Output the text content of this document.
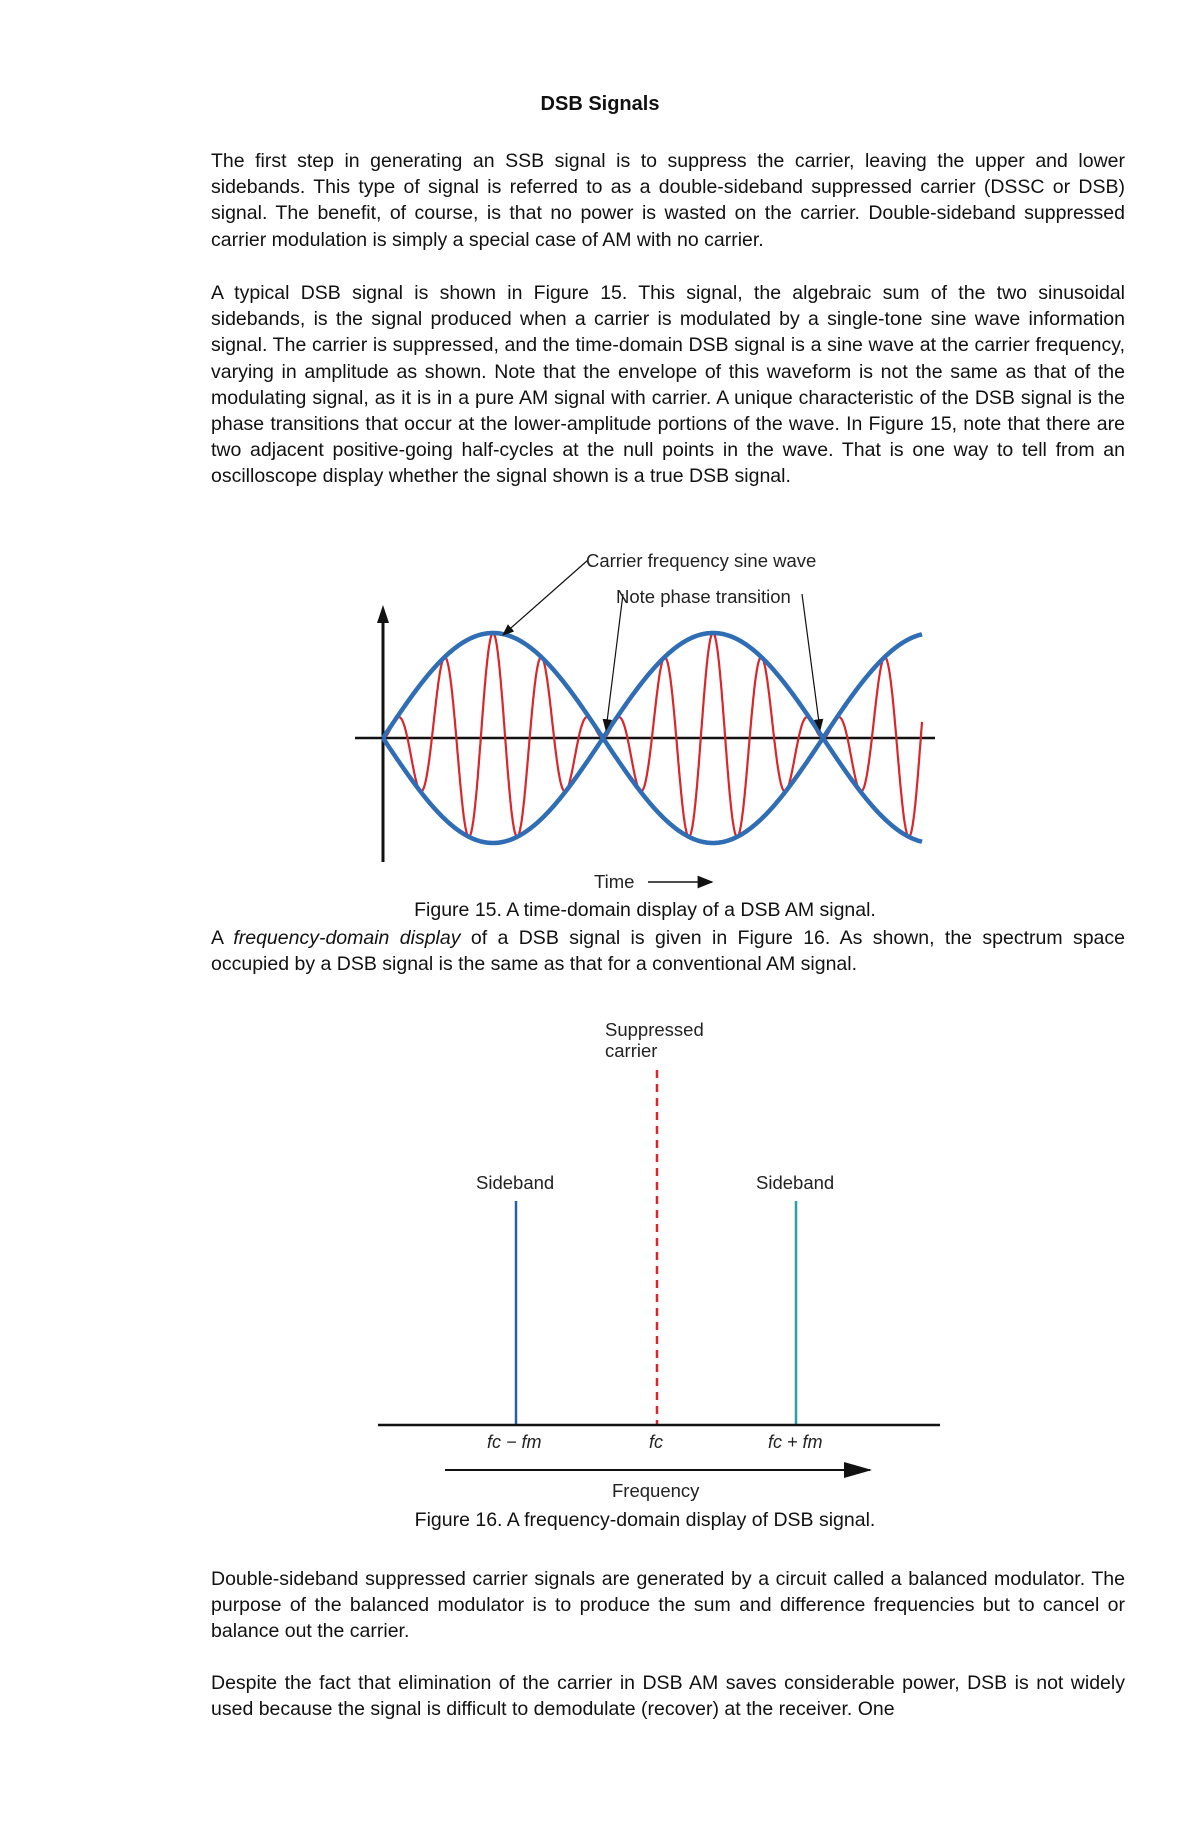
DSB Signals

The first step in generating an SSB signal is to suppress the carrier, leaving the upper and lower sidebands. This type of signal is referred to as a double-sideband suppressed carrier (DSSC or DSB) signal. The benefit, of course, is that no power is wasted on the carrier. Double-sideband suppressed carrier modulation is simply a special case of AM with no carrier.

A typical DSB signal is shown in Figure 15. This signal, the algebraic sum of the two sinusoidal sidebands, is the signal produced when a carrier is modulated by a single-tone sine wave information signal. The carrier is suppressed, and the time-domain DSB signal is a sine wave at the carrier frequency, varying in amplitude as shown. Note that the envelope of this waveform is not the same as that of the modulating signal, as it is in a pure AM signal with carrier. A unique characteristic of the DSB signal is the phase transitions that occur at the lower-amplitude portions of the wave. In Figure 15, note that there are two adjacent positive-going half-cycles at the null points in the wave. That is one way to tell from an oscilloscope display whether the signal shown is a true DSB signal.

Carrier frequency sine wave
Note phase transition
Time

Figure 15. A time-domain display of a DSB AM signal.

A frequency-domain display of a DSB signal is given in Figure 16. As shown, the spectrum space occupied by a DSB signal is the same as that for a conventional AM signal.

Suppressed
carrier
Sideband	Sideband
fc − fm	fc	fc + fm
Frequency

Figure 16. A frequency-domain display of DSB signal.

Double-sideband suppressed carrier signals are generated by a circuit called a balanced modulator. The purpose of the balanced modulator is to produce the sum and difference frequencies but to cancel or balance out the carrier.

Despite the fact that elimination of the carrier in DSB AM saves considerable power, DSB is not widely used because the signal is difficult to demodulate (recover) at the receiver. One
